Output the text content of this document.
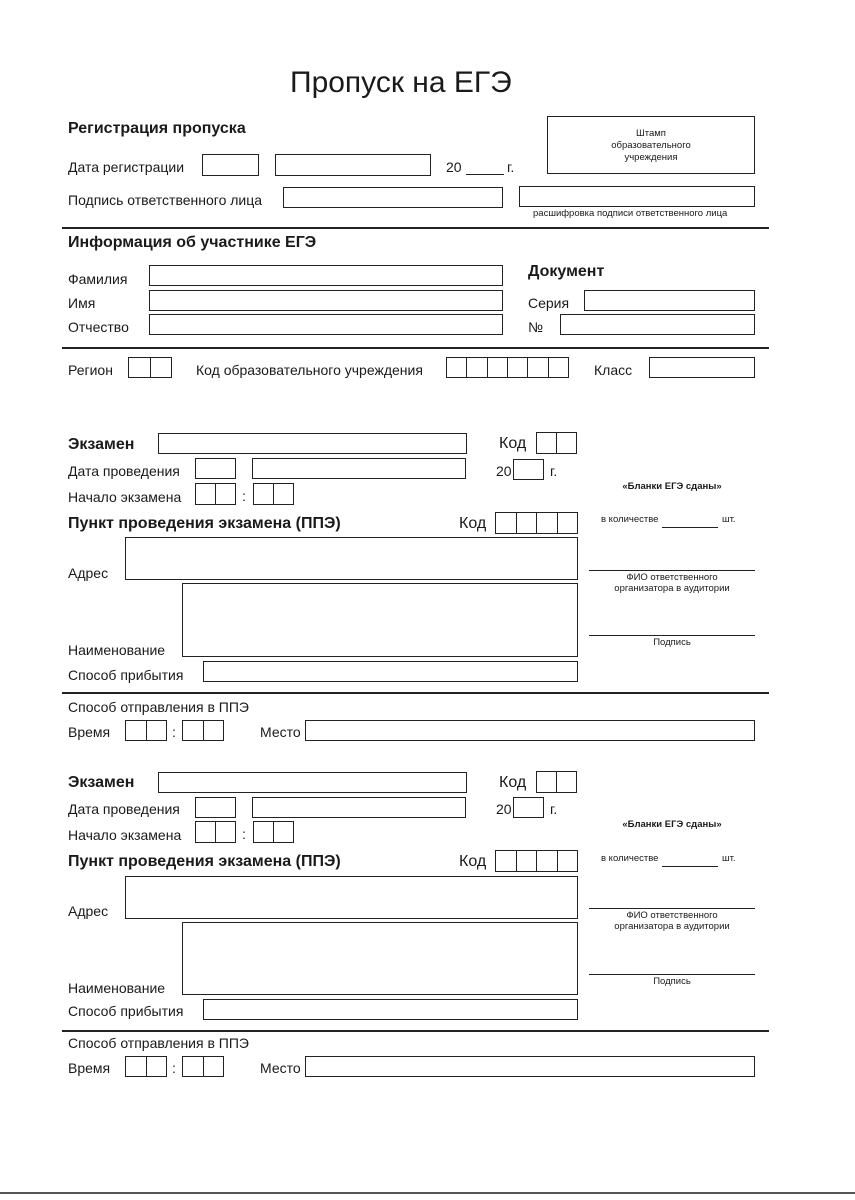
Пропуск на ЕГЭ
Регистрация пропуска	Штамп
образовательного
учреждения
Дата регистрации	20	г.
Подпись ответственного лица
расшифровка подписи ответственного лица
Информация об участнике ЕГЭ
Фамилия
Имя
Отчество
Документ
Серия
№
Регион	Код образовательного учреждения	Класс
Экзамен	Код
Дата проведения	20	г.
Начало экзамена	:
Пункт проведения экзамена (ППЭ)	Код
Адрес
Наименование
Способ прибытия
«Бланки ЕГЭ сданы»
в количестве	шт.
ФИО ответственного
организатора в аудитории
Подпись
Способ отправления в ППЭ
Время	:	Место
Экзамен	Код
Дата проведения	20	г.
Начало экзамена	:
Пункт проведения экзамена (ППЭ)	Код
Адрес
Наименование
Способ прибытия
«Бланки ЕГЭ сданы»
в количестве	шт.
ФИО ответственного
организатора в аудитории
Подпись
Способ отправления в ППЭ
Время	:	Место
